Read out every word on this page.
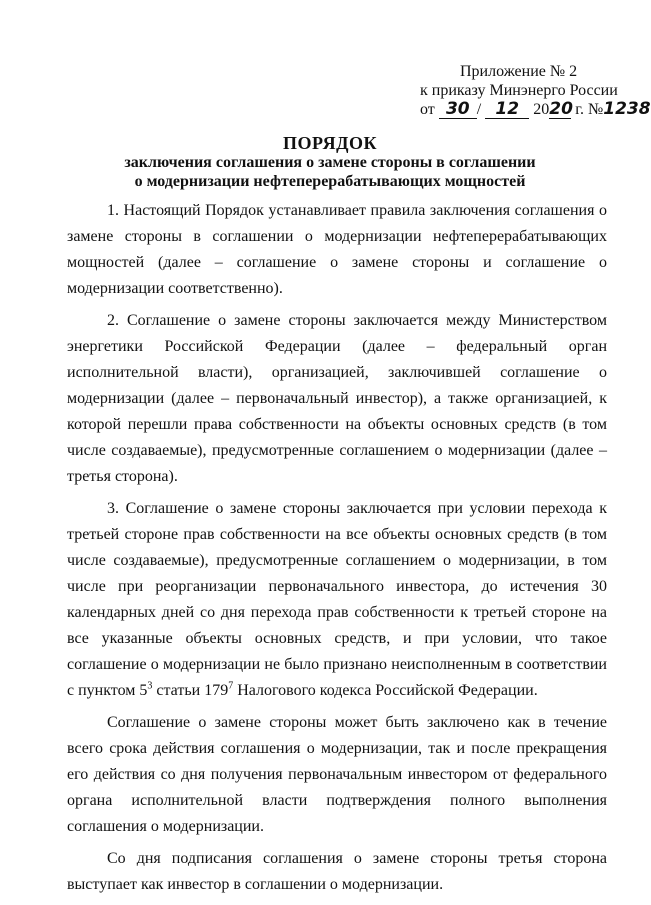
Приложение № 2
к приказу Минэнерго России
от 30 / 12 2020 г. №1238
ПОРЯДОК
заключения соглашения о замене стороны в соглашении
о модернизации нефтеперерабатывающих мощностей

1. Настоящий Порядок устанавливает правила заключения соглашения о замене стороны в соглашении о модернизации нефтеперерабатывающих мощностей (далее – соглашение о замене стороны и соглашение о модернизации соответственно).

2. Соглашение о замене стороны заключается между Министерством энергетики Российской Федерации (далее – федеральный орган исполнительной власти), организацией, заключившей соглашение о модернизации (далее – первоначальный инвестор), а также организацией, к которой перешли права собственности на объекты основных средств (в том числе создаваемые), предусмотренные соглашением о модернизации (далее – третья сторона).

3. Соглашение о замене стороны заключается при условии перехода к третьей стороне прав собственности на все объекты основных средств (в том числе создаваемые), предусмотренные соглашением о модернизации, в том числе при реорганизации первоначального инвестора, до истечения 30 календарных дней со дня перехода прав собственности к третьей стороне на все указанные объекты основных средств, и при условии, что такое соглашение о модернизации не было признано неисполненным в соответствии с пунктом $5^3$ статьи $179^7$ Налогового кодекса Российской Федерации.

Соглашение о замене стороны может быть заключено как в течение всего срока действия соглашения о модернизации, так и после прекращения его действия со дня получения первоначальным инвестором от федерального органа исполнительной власти подтверждения полного выполнения соглашения о модернизации.

Со дня подписания соглашения о замене стороны третья сторона выступает как инвестор в соглашении о модернизации.
